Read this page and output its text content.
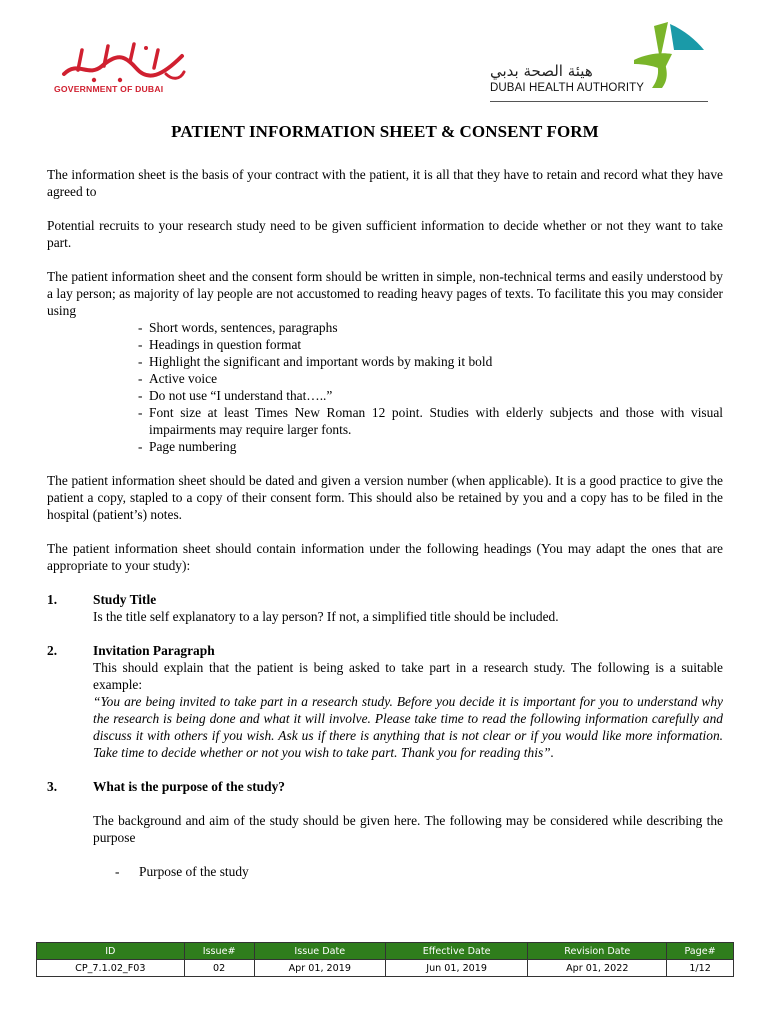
GOVERNMENT OF DUBAI
هيئة الصحة بدبي
DUBAI HEALTH AUTHORITY
PATIENT INFORMATION SHEET & CONSENT FORM

The information sheet is the basis of your contract with the patient, it is all that they have to retain and record what they have agreed to

Potential recruits to your research study need to be given sufficient information to decide whether or not they want to take part.

The patient information sheet and the consent form should be written in simple, non-technical terms and easily understood by a lay person; as majority of lay people are not accustomed to reading heavy pages of texts. To facilitate this you may consider using

- Short words, sentences, paragraphs
- Headings in question format
- Highlight the significant and important words by making it bold
- Active voice
- Do not use “I understand that…..”
- Font size at least Times New Roman 12 point. Studies with elderly subjects and those with visual impairments may require larger fonts.
- Page numbering

The patient information sheet should be dated and given a version number (when applicable). It is a good practice to give the patient a copy, stapled to a copy of their consent form. This should also be retained by you and a copy has to be filed in the hospital (patient’s) notes.

The patient information sheet should contain information under the following headings (You may adapt the ones that are appropriate to your study):

1.	Study Title

Is the title self explanatory to a lay person? If not, a simplified title should be included.

2.	Invitation Paragraph

This should explain that the patient is being asked to take part in a research study. The following is a suitable example:

“You are being invited to take part in a research study. Before you decide it is important for you to understand why the research is being done and what it will involve. Please take time to read the following information carefully and discuss it with others if you wish. Ask us if there is anything that is not clear or if you would like more information. Take time to decide whether or not you wish to take part. Thank you for reading this”.

3.	What is the purpose of the study?

The background and aim of the study should be given here. The following may be considered while describing the purpose

- Purpose of the study
ID	Issue#	Issue Date	Effective Date	Revision Date	Page#
CP_7.1.02_F03	02	Apr 01, 2019	Jun 01, 2019	Apr 01, 2022	1/12
